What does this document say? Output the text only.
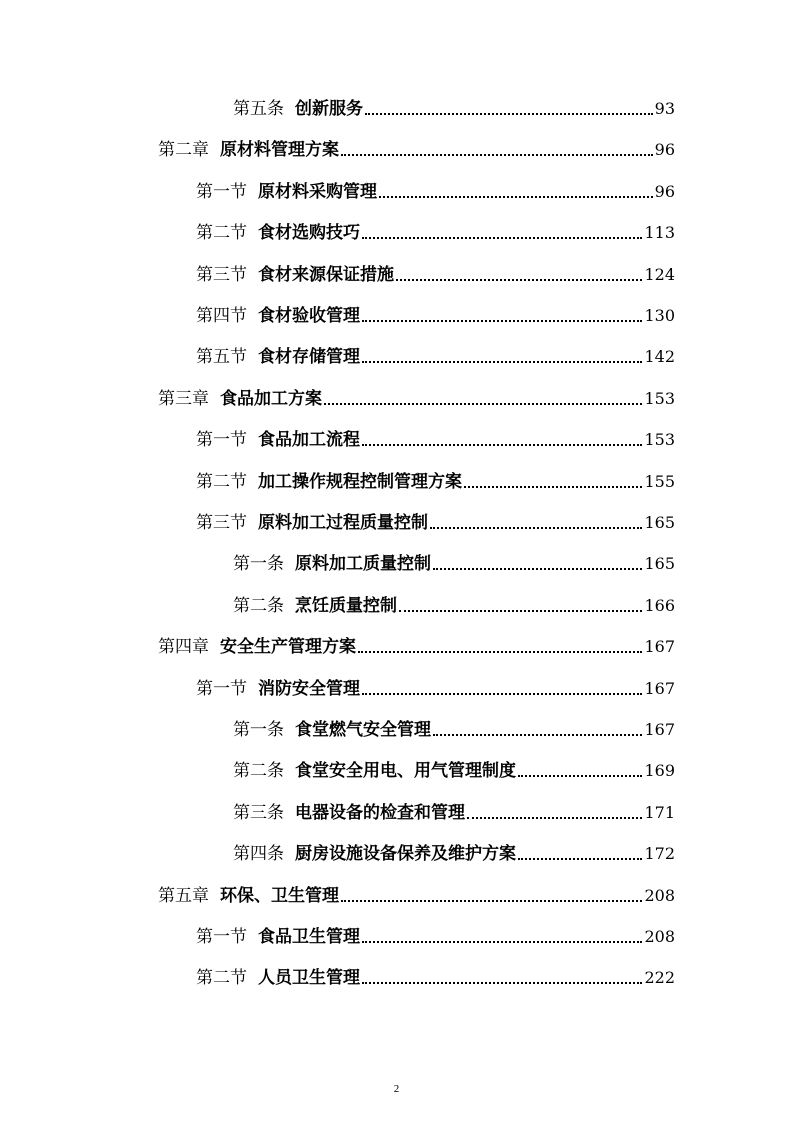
第五条 创新服务	93
第二章 原材料管理方案	96
第一节 原材料采购管理	96
第二节 食材选购技巧	113
第三节 食材来源保证措施	124
第四节 食材验收管理	130
第五节 食材存储管理	142
第三章 食品加工方案	153
第一节 食品加工流程	153
第二节 加工操作规程控制管理方案	155
第三节 原料加工过程质量控制	165
第一条 原料加工质量控制	165
第二条 烹饪质量控制	166
第四章 安全生产管理方案	167
第一节 消防安全管理	167
第一条 食堂燃气安全管理	167
第二条 食堂安全用电、用气管理制度	169
第三条 电器设备的检查和管理	171
第四条 厨房设施设备保养及维护方案	172
第五章 环保、卫生管理	208
第一节 食品卫生管理	208
第二节 人员卫生管理	222
2
